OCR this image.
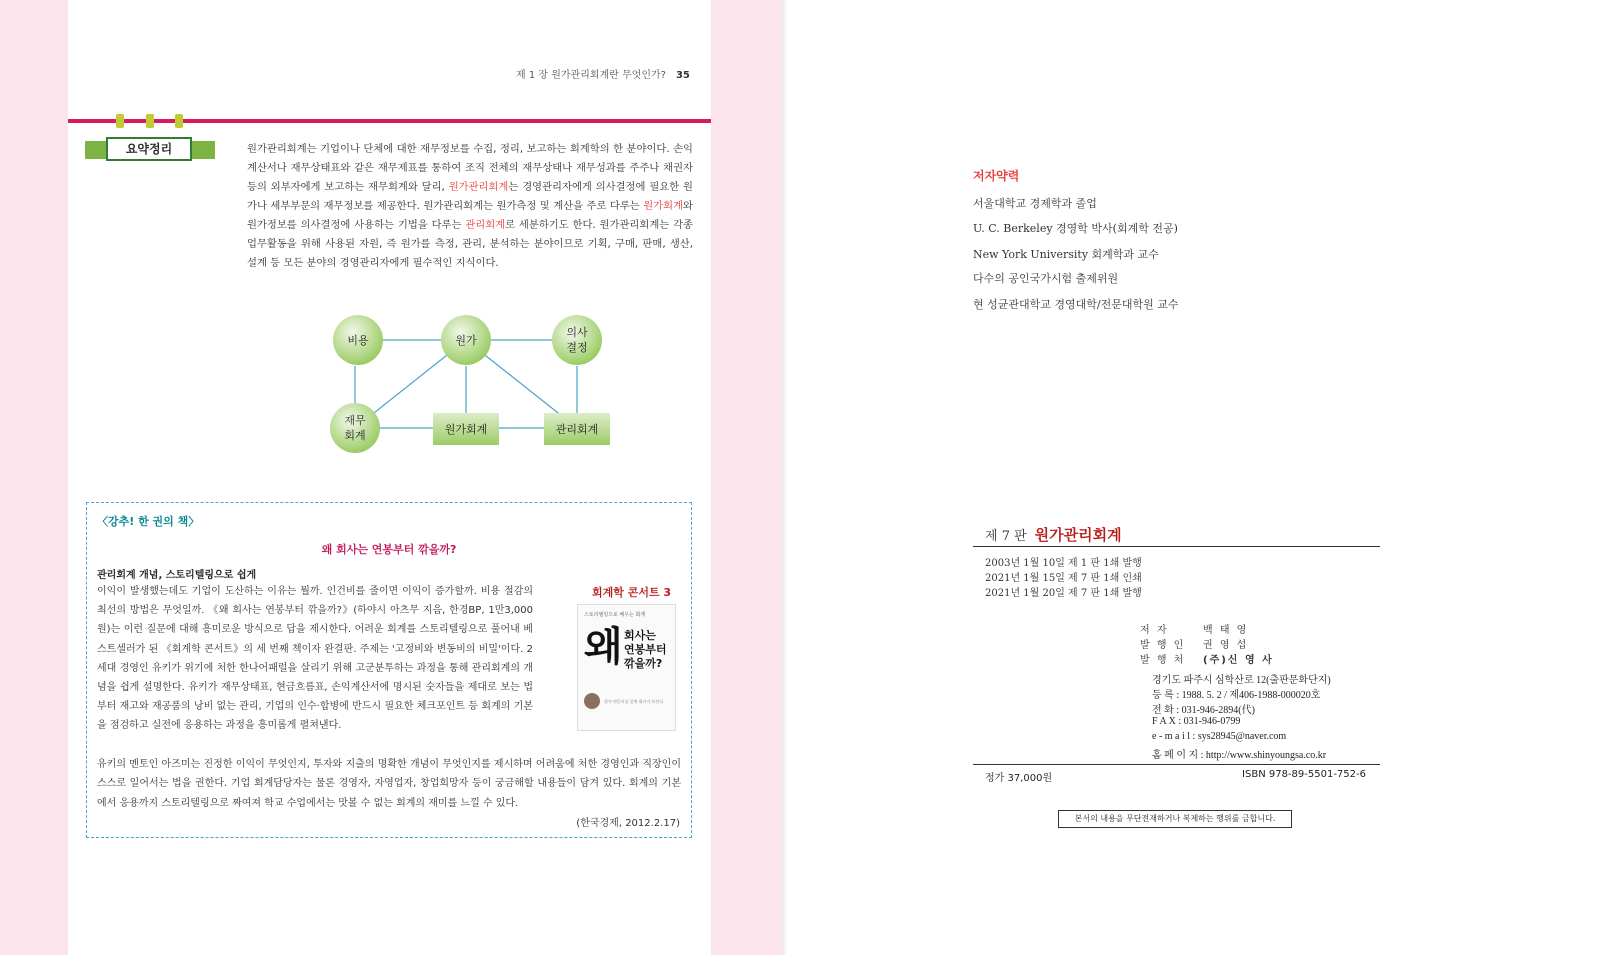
제 1 장 원가관리회계란 무엇인가? 35
요약정리	원가관리회계는 기업이나 단체에 대한 재무정보를 수집, 정리, 보고하는 회계학의 한 분야이다. 손익계산서나 재무상태표와 같은 재무제표를 통하여 조직 전체의 재무상태나 재무성과를 주주나 채권자 등의 외부자에게 보고하는 재무회계와 달리, 원가관리회계는 경영관리자에게 의사결정에 필요한 원가나 세부부문의 재무정보를 제공한다. 원가관리회계는 원가측정 및 계산을 주로 다루는 원가회계와 원가정보를 의사결정에 사용하는 기법을 다루는 관리회계로 세분하기도 한다. 원가관리회계는 각종 업무활동을 위해 사용된 자원, 즉 원가를 측정, 관리, 분석하는 분야이므로 기획, 구매, 판매, 생산, 설계 등 모든 분야의 경영관리자에게 필수적인 지식이다.
비용	원가
의사
결정
재무
회계	원가회계	관리회계
〈강추! 한 권의 책〉
왜 회사는 연봉부터 깎을까?
관리회계 개념, 스토리텔링으로 쉽게
이익이 발생했는데도 기업이 도산하는 이유는 뭘까. 인건비를 줄이면 이익이 증가할까. 비용 절감의 최선의 방법은 무엇일까. 《왜 회사는 연봉부터 깎을까?》(하야시 아츠무 지음, 한경BP, 1만3,000원)는 이런 질문에 대해 흥미로운 방식으로 답을 제시한다. 어려운 회계를 스토리텔링으로 풀어내 베스트셀러가 된 《회계학 콘서트》의 세 번째 책이자 완결판. 주제는 '고정비와 변동비의 비밀'이다. 2세대 경영인 유키가 위기에 처한 한나어패럴을 살리기 위해 고군분투하는 과정을 통해 관리회계의 개념을 쉽게 설명한다. 유키가 재무상태표, 현금흐름표, 손익계산서에 명시된 숫자들을 제대로 보는 법부터 재고와 재공품의 낭비 없는 관리, 기업의 인수·합병에 반드시 필요한 체크포인트 등 회계의 기본을 점검하고 실전에 응용하는 과정을 흥미롭게 펼쳐낸다.
유키의 멘토인 아즈미는 진정한 이익이 무엇인지, 투자와 지출의 명확한 개념이 무엇인지를 제시하며 어려움에 처한 경영인과 직장인이 스스로 일어서는 법을 권한다. 기업 회계담당자는 물론 경영자, 자영업자, 창업희망자 등이 궁금해할 내용들이 담겨 있다. 회계의 기본에서 응용까지 스토리텔링으로 짜여져 학교 수업에서는 맛볼 수 없는 회계의 재미를 느낄 수 있다.
(한국경제, 2012.2.17)
회계학 콘서트 3
스토리텔링으로 배우는 회계
왜 회사는
연봉부터
깎을까?
원가·변동비를 알면 회사가 보인다
저자약력
서울대학교 경제학과 졸업
U. C. Berkeley 경영학 박사(회계학 전공)
New York University 회계학과 교수
다수의 공인국가시험 출제위원
현 성균관대학교 경영대학/전문대학원 교수
제 7 판 원가관리회계
2003년 1월 10일 제 1 판 1쇄 발행
2021년 1월 15일 제 7 판 1쇄 인쇄
2021년 1월 20일 제 7 판 1쇄 발행
저 자	백 태 영
발 행 인 권 영 섭
발 행 처 (주)신 영 사
경기도 파주시 심학산로 12(출판문화단지)
등 록 : 1988. 5. 2 / 제406-1988-000020호
전 화 : 031-946-2894(代)
F A X : 031-946-0799
e - m a i l : sys28945@naver.com
홈 페 이 지 : http://www.shinyoungsa.co.kr
정가 37,000원	ISBN 978-89-5501-752-6
본서의 내용을 무단전재하거나 복제하는 행위를 금합니다.
